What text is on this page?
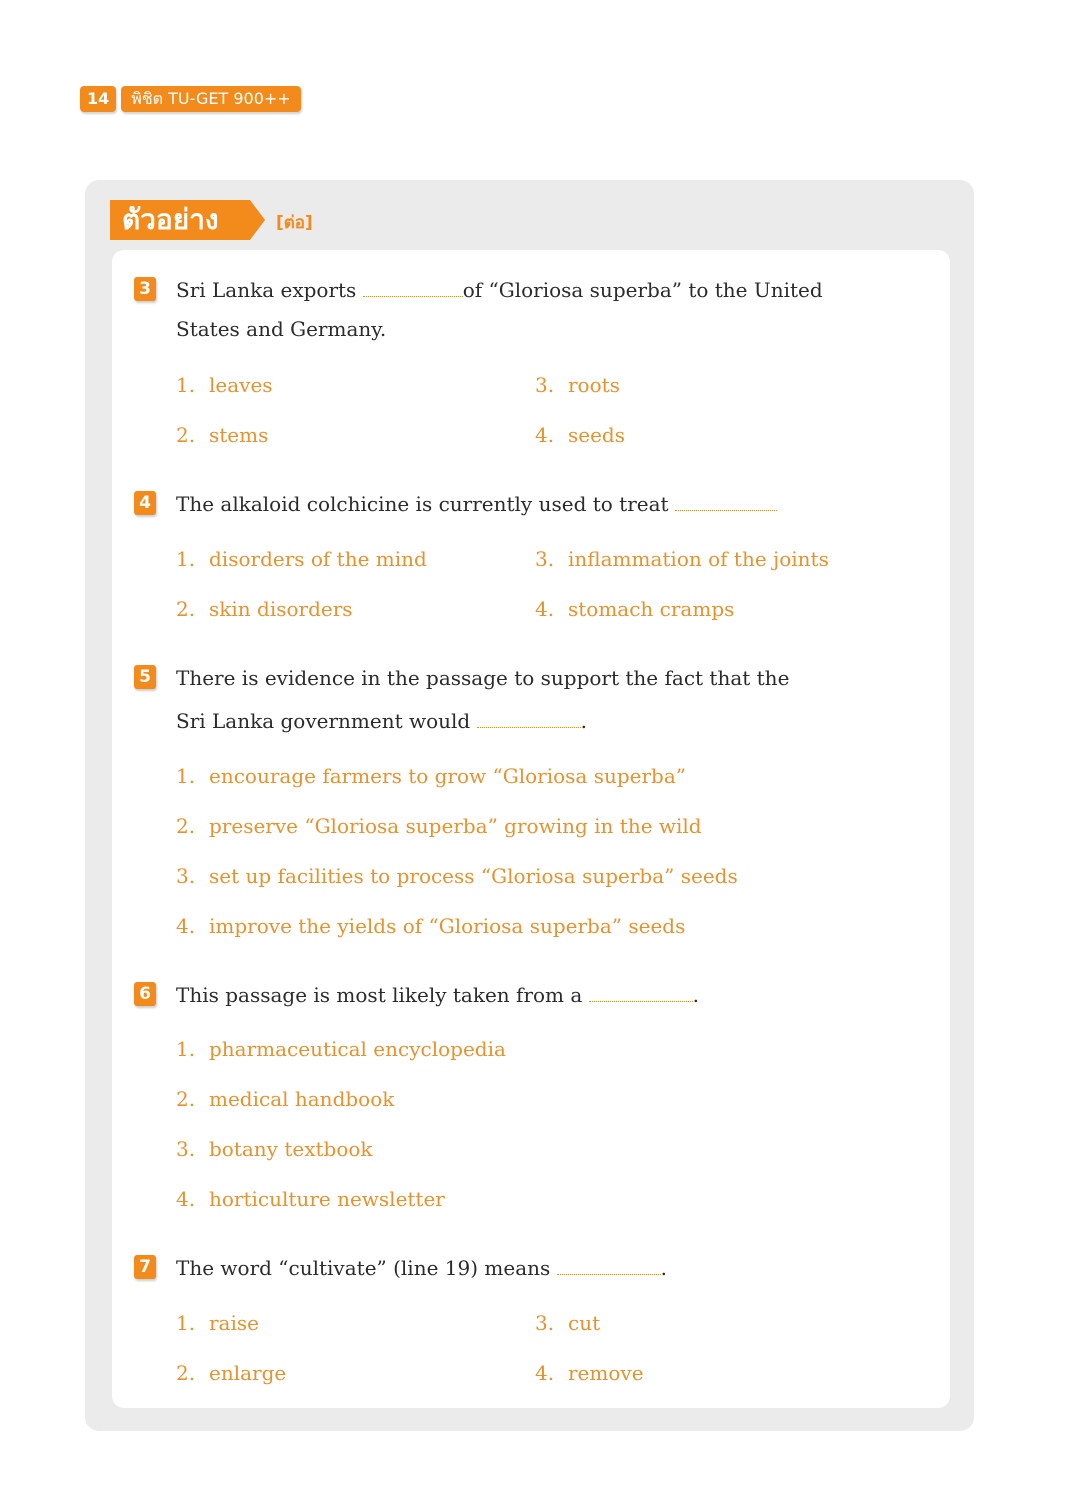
14	พิชิต TU-GET 900++
ตัวอย่าง	[ต่อ]
3 Sri Lanka exports	of “Gloriosa superba” to the United
States and Germany.
1. leaves
2. stems
3. roots
4. seeds
4 The alkaloid colchicine is currently used to treat
1. disorders of the mind
2. skin disorders
3. inflammation of the joints
4. stomach cramps
5 There is evidence in the passage to support the fact that the
Sri Lanka government would	.
1. encourage farmers to grow “Gloriosa superba”
2. preserve “Gloriosa superba” growing in the wild
3. set up facilities to process “Gloriosa superba” seeds
4. improve the yields of “Gloriosa superba” seeds
6 This passage is most likely taken from a	.
1. pharmaceutical encyclopedia
2. medical handbook
3. botany textbook
4. horticulture newsletter
7 The word “cultivate” (line 19) means	.
1. raise
2. enlarge
3. cut
4. remove
